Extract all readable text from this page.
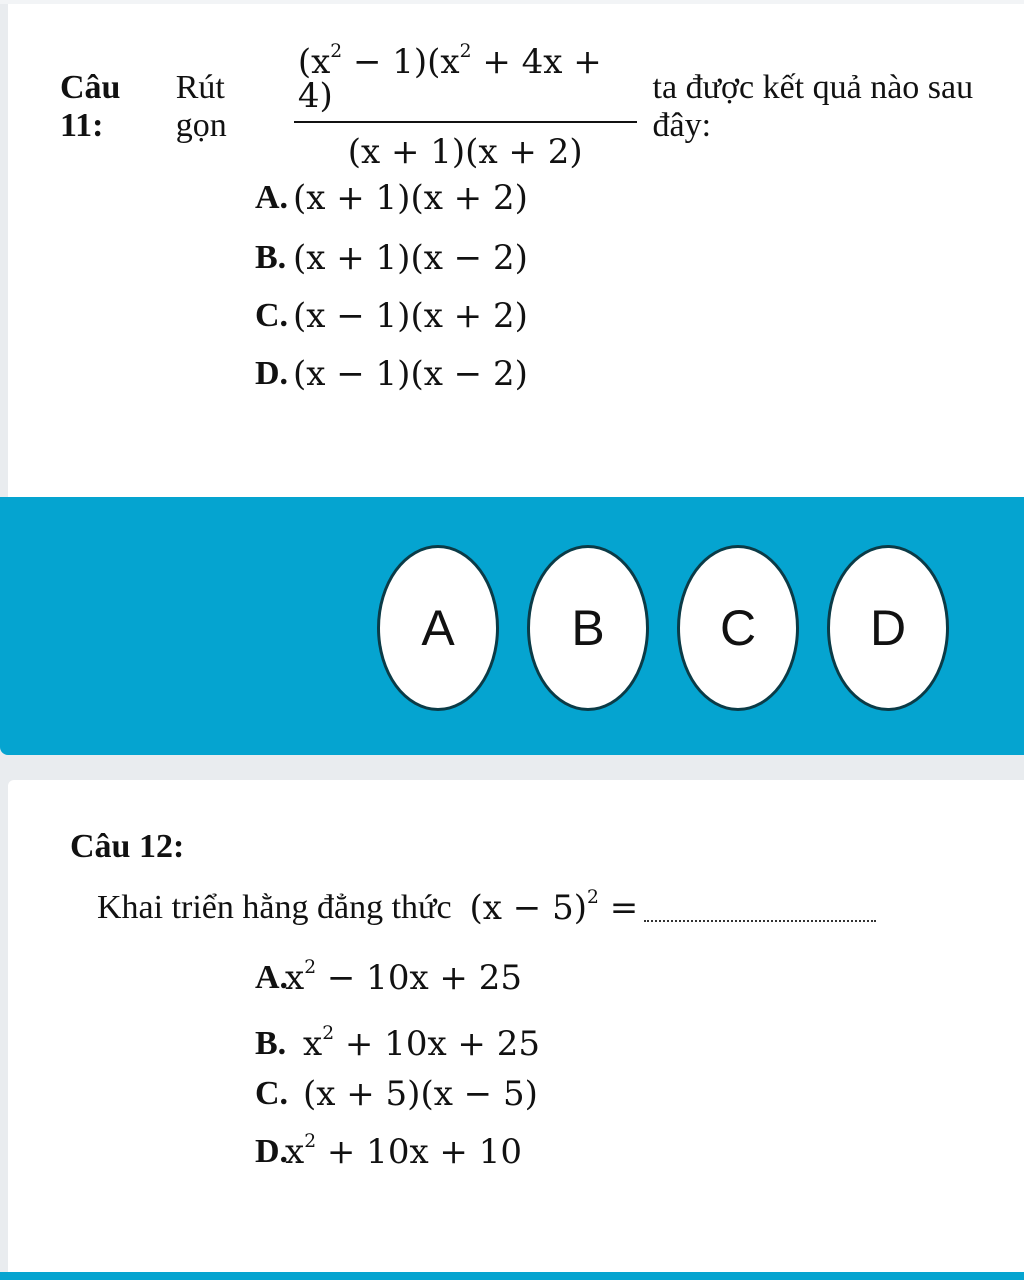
Câu 11:
Rút gọn	$\frac{(x^2 - 1)(x^2 + 4x + 4)}{(x + 1)(x + 2)}$ ta được kết quả nào sau đây:
A. (x + 1)(x + 2)
B. (x + 1)(x − 2)
C. (x − 1)(x + 2)
D. (x − 1)(x − 2)
A	B	C	D
Câu 12:
Khai triển hằng đẳng thức $(x - 5)^2$ =
A.
$x^2 - 10x + 25$
B. $x^2 + 10x + 25$
C. (x + 5)(x − 5)
D.
$x^2 + 10x + 10$
